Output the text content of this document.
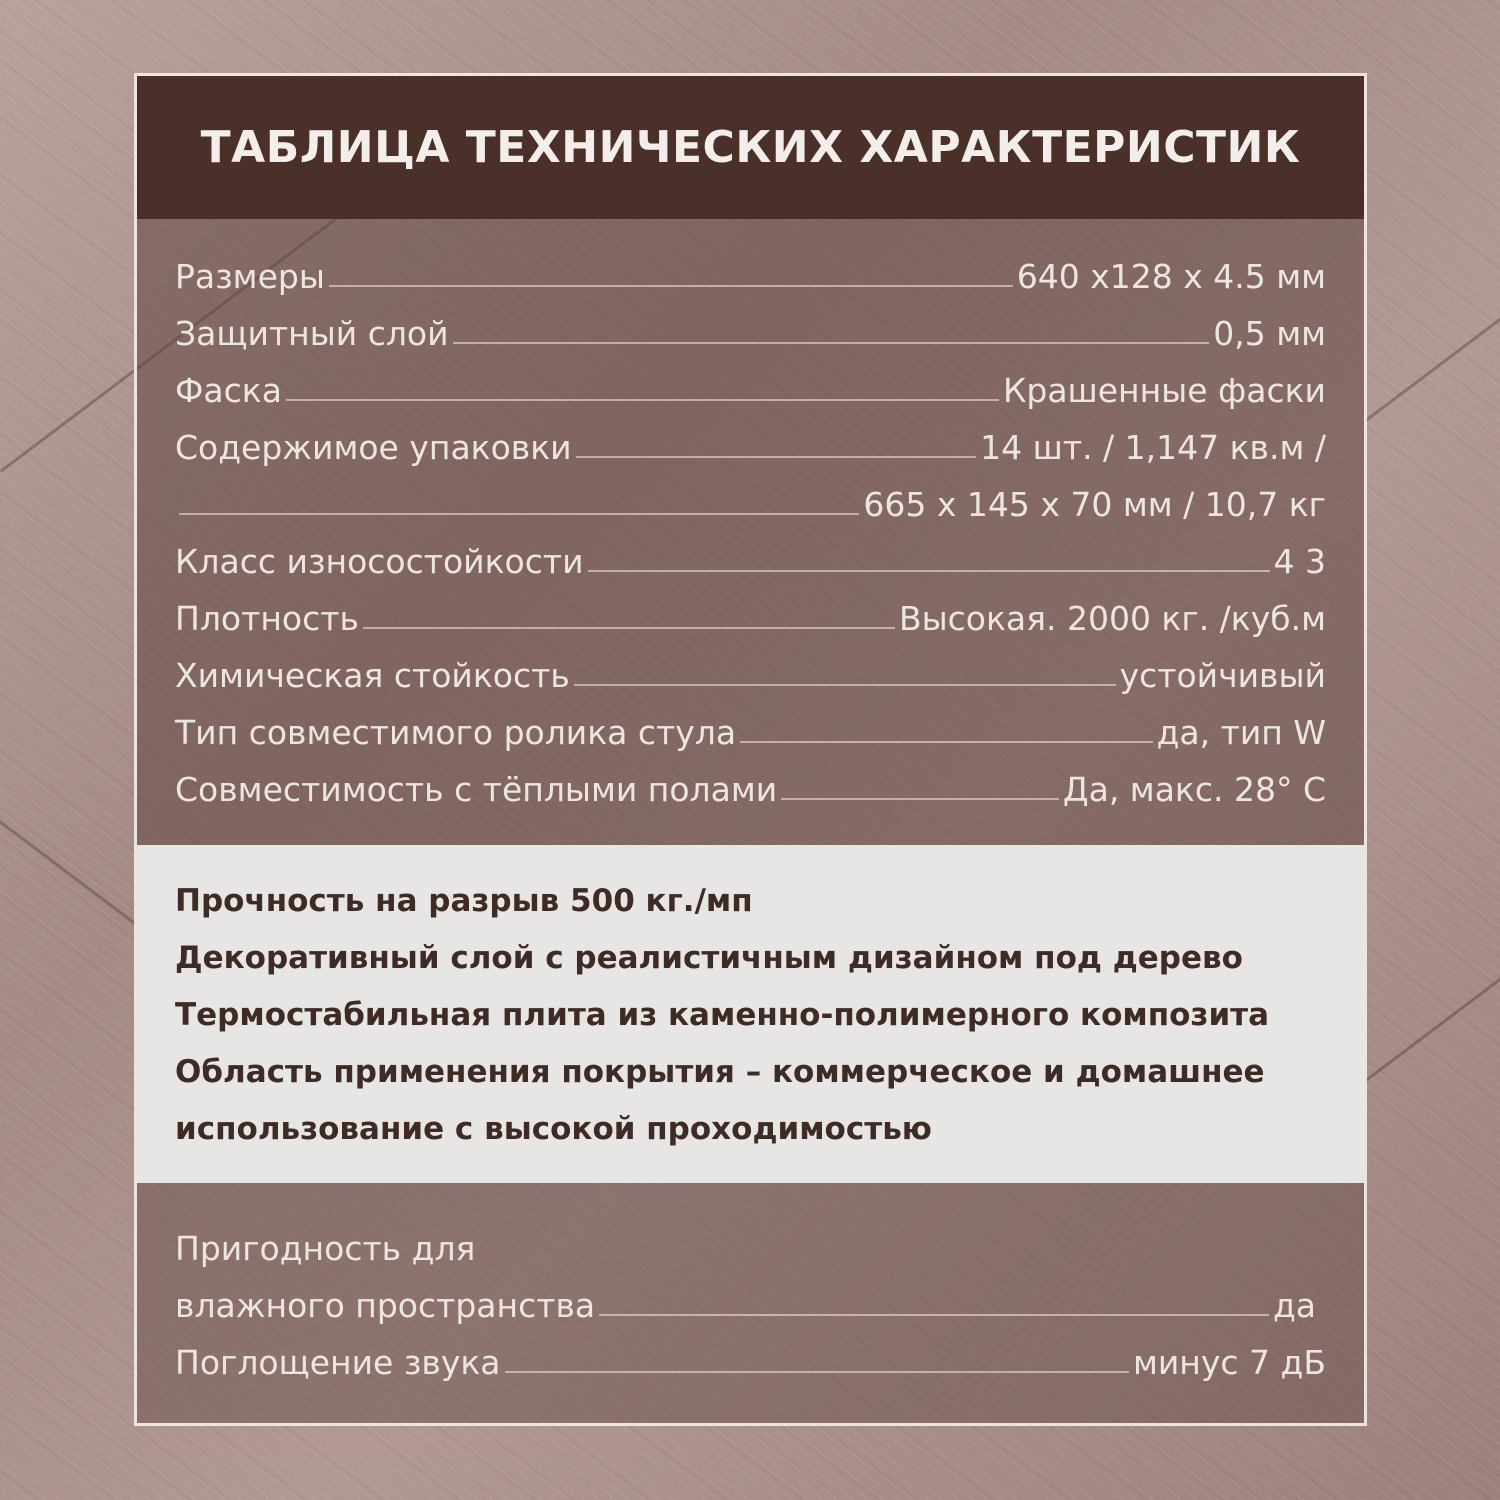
ТАБЛИЦА ТЕХНИЧЕСКИХ ХАРАКТЕРИСТИК
Размеры	640 х128 х 4.5 мм
Защитный слой	0,5 мм
Фаска	Крашенные фаски
Содержимое упаковки	14 шт. / 1,147 кв.м /
665 х 145 х 70 мм / 10,7 кг
Класс износостойкости	4 3
Плотность	Высокая. 2000 кг. /куб.м
Химическая стойкость	устойчивый
Тип совместимого ролика стула	да, тип W
Совместимость с тёплыми полами	Да, макс. 28° С
Прочность на разрыв 500 кг./мп
Декоративный слой с реалистичным дизайном под дерево
Термостабильная плита из каменно-полимерного композита
Область применения покрытия – коммерческое и домашнее
использование с высокой проходимостью
Пригодность для
влажного пространства	да
Поглощение звука	минус 7 дБ
